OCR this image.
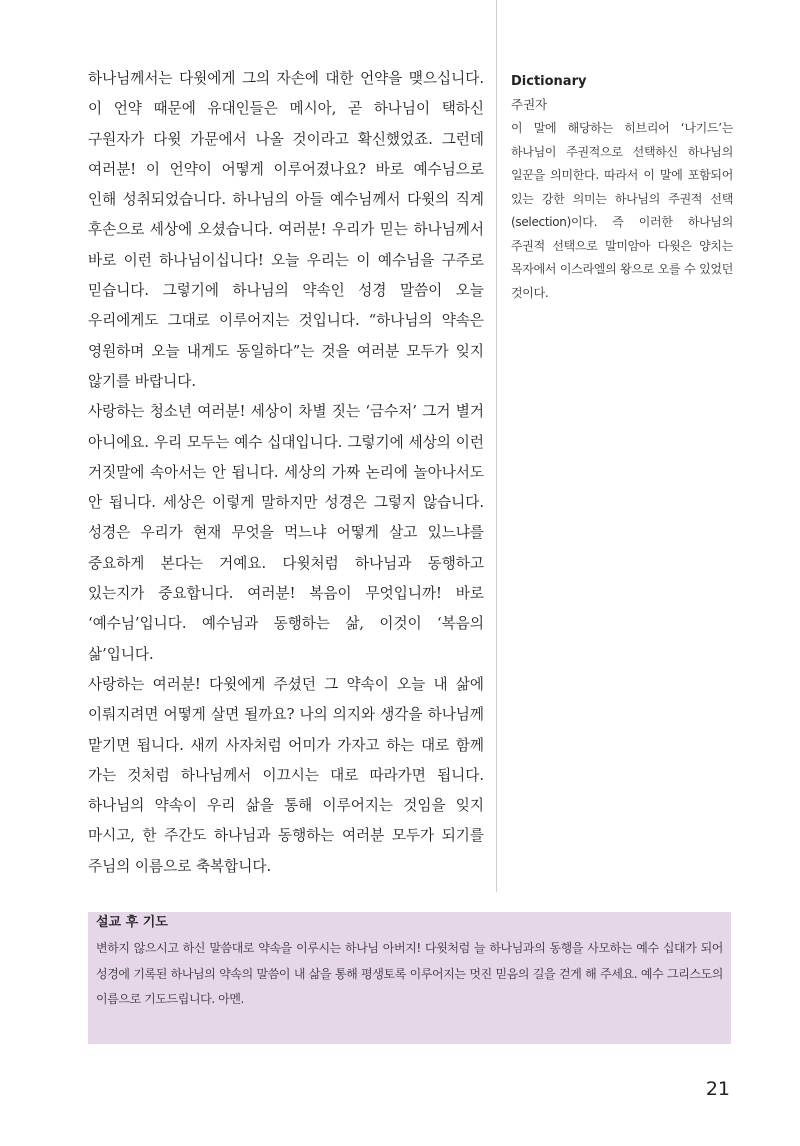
하나님께서는 다윗에게 그의 자손에 대한 언약을 맺으십니다. 이 언약 때문에 유대인들은 메시아, 곧 하나님이 택하신 구원자가 다윗 가문에서 나올 것이라고 확신했었죠. 그런데 여러분! 이 언약이 어떻게 이루어졌나요? 바로 예수님으로 인해 성취되었습니다. 하나님의 아들 예수님께서 다윗의 직계 후손으로 세상에 오셨습니다. 여러분! 우리가 믿는 하나님께서 바로 이런 하나님이십니다! 오늘 우리는 이 예수님을 구주로 믿습니다. 그렇기에 하나님의 약속인 성경 말씀이 오늘 우리에게도 그대로 이루어지는 것입니다. “하나님의 약속은 영원하며 오늘 내게도 동일하다”는 것을 여러분 모두가 잊지 않기를 바랍니다.

사랑하는 청소년 여러분! 세상이 차별 짓는 ‘금수저’ 그거 별거 아니에요. 우리 모두는 예수 십대입니다. 그렇기에 세상의 이런 거짓말에 속아서는 안 됩니다. 세상의 가짜 논리에 놀아나서도 안 됩니다. 세상은 이렇게 말하지만 성경은 그렇지 않습니다. 성경은 우리가 현재 무엇을 먹느냐 어떻게 살고 있느냐를 중요하게 본다는 거예요. 다윗처럼 하나님과 동행하고 있는지가 중요합니다. 여러분! 복음이 무엇입니까! 바로 ‘예수님’입니다. 예수님과 동행하는 삶, 이것이 ‘복음의 삶’입니다.

사랑하는 여러분! 다윗에게 주셨던 그 약속이 오늘 내 삶에 이뤄지려면 어떻게 살면 될까요? 나의 의지와 생각을 하나님께 맡기면 됩니다. 새끼 사자처럼 어미가 가자고 하는 대로 함께 가는 것처럼 하나님께서 이끄시는 대로 따라가면 됩니다. 하나님의 약속이 우리 삶을 통해 이루어지는 것임을 잊지 마시고, 한 주간도 하나님과 동행하는 여러분 모두가 되기를 주님의 이름으로 축복합니다.

Dictionary
주권자

이 말에 해당하는 히브리어 ‘나기드’는 하나님이 주권적으로 선택하신 하나님의 일꾼을 의미한다. 따라서 이 말에 포함되어 있는 강한 의미는 하나님의 주권적 선택(selection)이다. 즉 이러한 하나님의 주권적 선택으로 말미암아 다윗은 양치는 목자에서 이스라엘의 왕으로 오를 수 있었던 것이다.

설교 후 기도

변하지 않으시고 하신 말씀대로 약속을 이루시는 하나님 아버지! 다윗처럼 늘 하나님과의 동행을 사모하는 예수 십대가 되어 성경에 기록된 하나님의 약속의 말씀이 내 삶을 통해 평생토록 이루어지는 멋진 믿음의 길을 걷게 해 주세요. 예수 그리스도의 이름으로 기도드립니다. 아멘.

21
